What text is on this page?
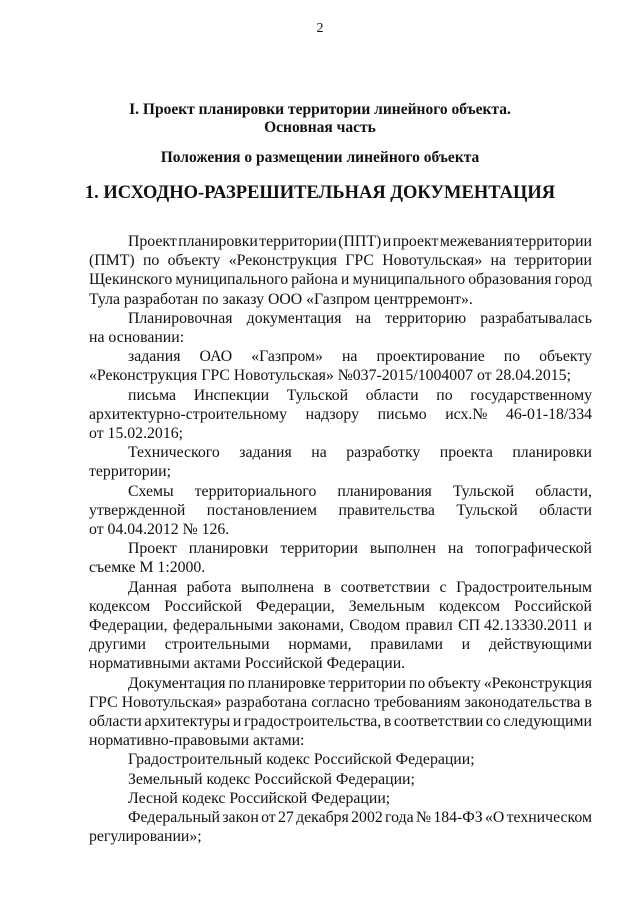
2
I. Проект планировки территории линейного объекта.
Основная часть
Положения о размещении линейного объекта
1. ИСХОДНО-РАЗРЕШИТЕЛЬНАЯ ДОКУМЕНТАЦИЯ
Проект планировки территории (ППТ) и проект межевания территории
(ПМТ) по объекту «Реконструкция ГРС Новотульская» на территории
Щекинского муниципального района и муниципального образования город
Тула разработан по заказу ООО «Газпром центрремонт».
Планировочная документация на территорию разрабатывалась
на основании:
задания ОАО «Газпром» на проектирование по объекту
«Реконструкция ГРС Новотульская» №037-2015/1004007 от 28.04.2015;
письма Инспекции Тульской области по государственному
архитектурно-строительному надзору письмо исх.№ 46-01-18/334
от 15.02.2016;
Технического задания на разработку проекта планировки территории;
Схемы территориального планирования Тульской области,
утвержденной постановлением правительства Тульской области
от 04.04.2012 № 126.
Проект планировки территории выполнен на топографической
съемке М 1:2000.
Данная работа выполнена в соответствии с Градостроительным
кодексом Российской Федерации, Земельным кодексом Российской
Федерации, федеральными законами, Сводом правил СП 42.13330.2011 и
другими строительными нормами, правилами и действующими
нормативными актами Российской Федерации.
Документация по планировке территории по объекту «Реконструкция
ГРС Новотульская» разработана согласно требованиям законодательства в
области архитектуры и градостроительства, в соответствии со следующими
нормативно-правовыми актами:
Градостроительный кодекс Российской Федерации;
Земельный кодекс Российской Федерации;
Лесной кодекс Российской Федерации;
Федеральный закон от 27 декабря 2002 года № 184-ФЗ «О техническом
регулировании»;
